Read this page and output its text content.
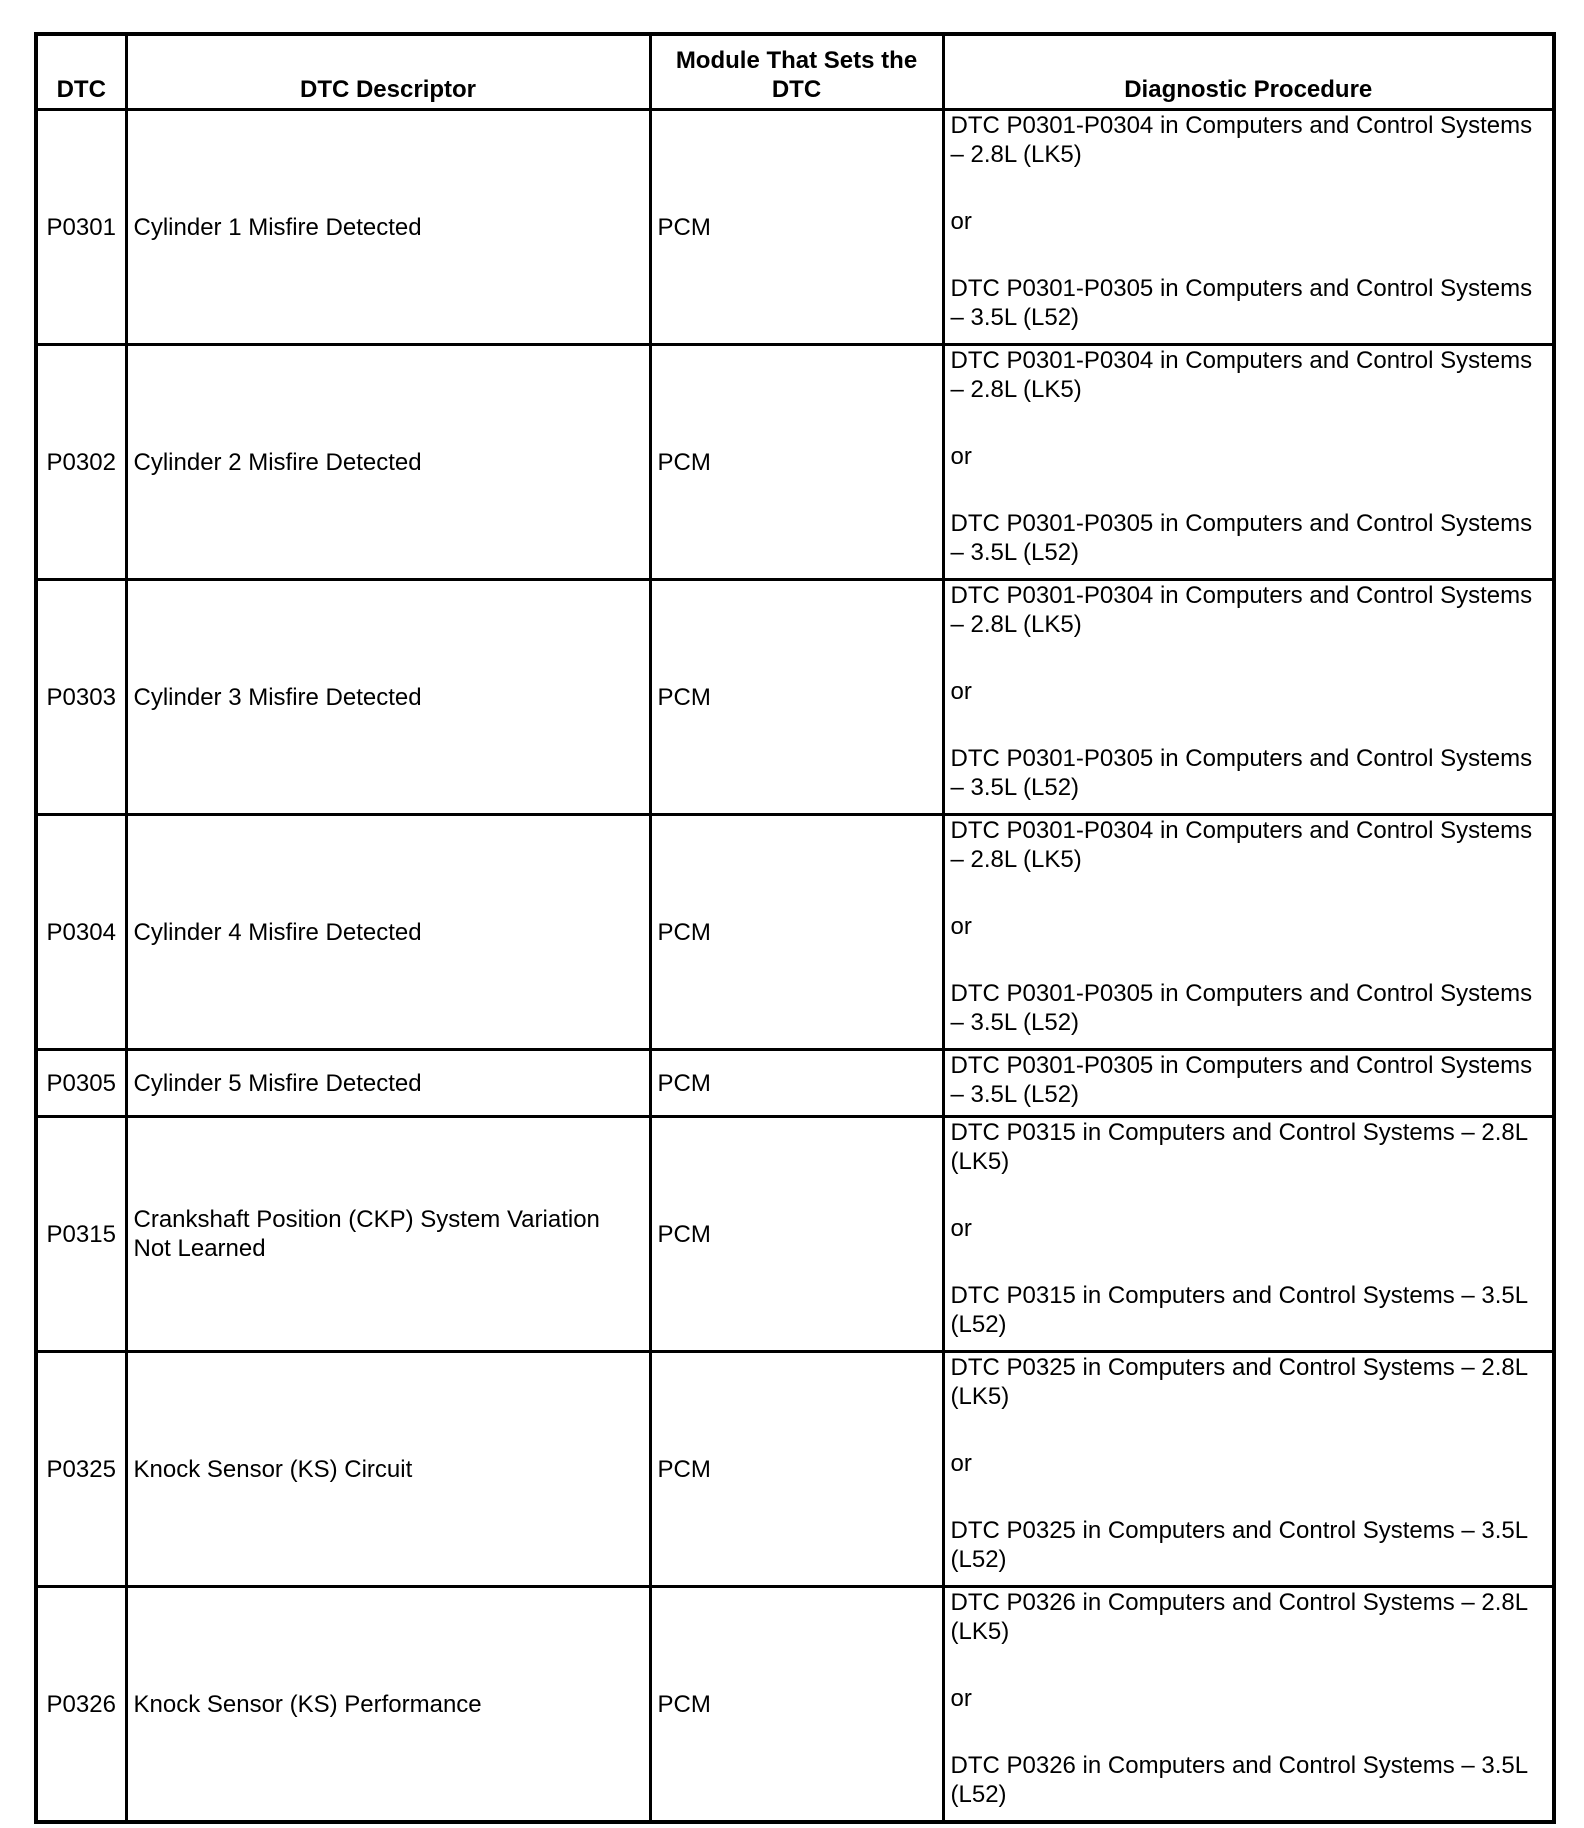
DTC	DTC Descriptor	Module That Sets the DTC	Diagnostic Procedure
P0301	Cylinder 1 Misfire Detected	PCM	DTC P0301-P0304 in Computers and Control Systems – 2.8L (LK5)
or
DTC P0301-P0305 in Computers and Control Systems – 3.5L (L52)

P0302	Cylinder 2 Misfire Detected	PCM	DTC P0301-P0304 in Computers and Control Systems – 2.8L (LK5)
or
DTC P0301-P0305 in Computers and Control Systems – 3.5L (L52)

P0303	Cylinder 3 Misfire Detected	PCM	DTC P0301-P0304 in Computers and Control Systems – 2.8L (LK5)
or
DTC P0301-P0305 in Computers and Control Systems – 3.5L (L52)

P0304	Cylinder 4 Misfire Detected	PCM	DTC P0301-P0304 in Computers and Control Systems – 2.8L (LK5)
or
DTC P0301-P0305 in Computers and Control Systems – 3.5L (L52)

P0305	Cylinder 5 Misfire Detected	PCM	DTC P0301-P0305 in Computers and Control Systems – 3.5L (L52)

P0315	Crankshaft Position (CKP) System Variation Not Learned	PCM	DTC P0315 in Computers and Control Systems – 2.8L (LK5)
or
DTC P0315 in Computers and Control Systems – 3.5L (L52)

P0325	Knock Sensor (KS) Circuit	PCM	DTC P0325 in Computers and Control Systems – 2.8L (LK5)
or
DTC P0325 in Computers and Control Systems – 3.5L (L52)

P0326	Knock Sensor (KS) Performance	PCM	DTC P0326 in Computers and Control Systems – 2.8L (LK5)
or
DTC P0326 in Computers and Control Systems – 3.5L (L52)
